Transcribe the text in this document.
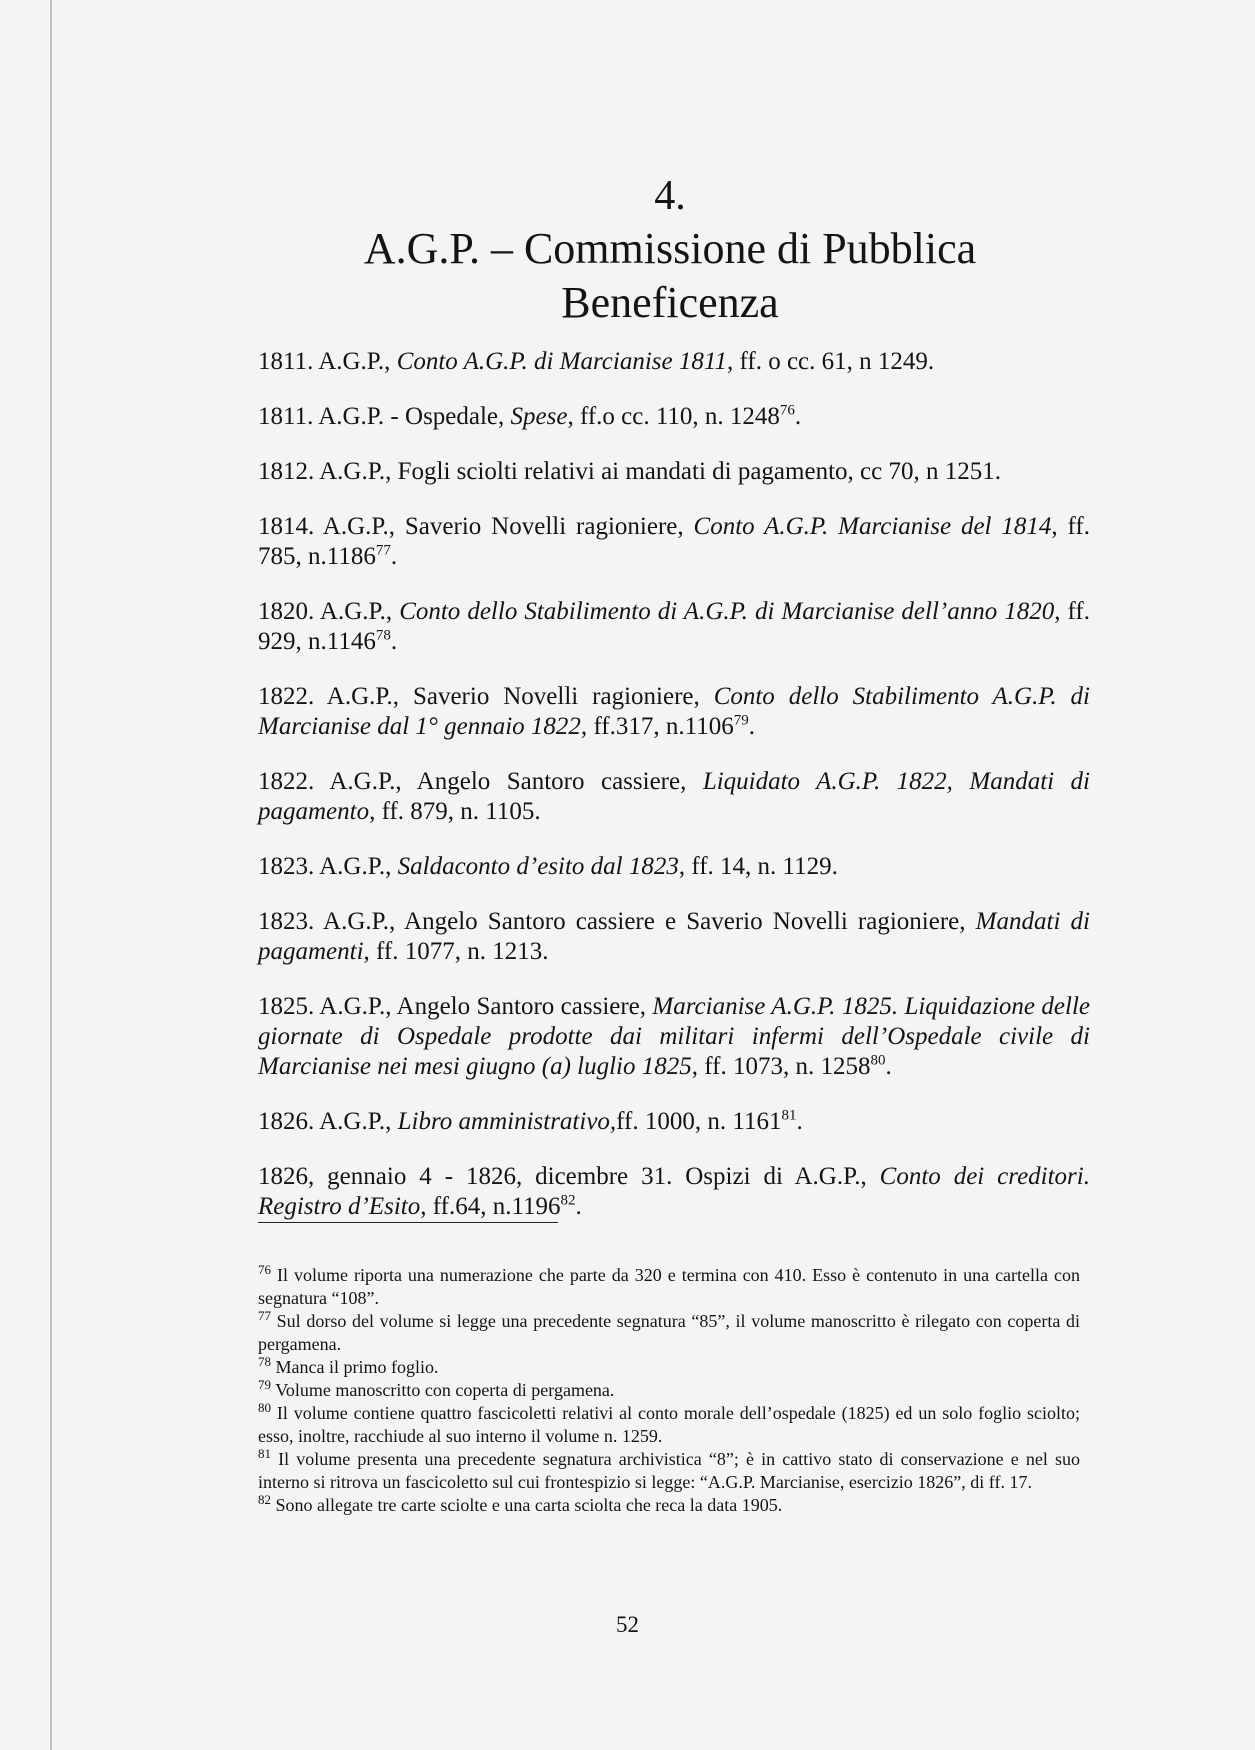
4.
A.G.P. – Commissione di Pubblica Beneficenza

1811. A.G.P., Conto A.G.P. di Marcianise 1811, ff. o cc. 61, n 1249.

1811. A.G.P. - Ospedale, Spese, ff.o cc. 110, n. 1248$^{76}$.

1812. A.G.P., Fogli sciolti relativi ai mandati di pagamento, cc 70, n 1251.

1814. A.G.P., Saverio Novelli ragioniere, Conto A.G.P. Marcianise del 1814, ff. 785, n.1186$^{77}$.

1820. A.G.P., Conto dello Stabilimento di A.G.P. di Marcianise dell’anno 1820, ff. 929, n.1146$^{78}$.

1822. A.G.P., Saverio Novelli ragioniere, Conto dello Stabilimento A.G.P. di Marcianise dal 1° gennaio 1822, ff.317, n.1106$^{79}$.

1822. A.G.P., Angelo Santoro cassiere, Liquidato A.G.P. 1822, Mandati di pagamento, ff. 879, n. 1105.

1823. A.G.P., Saldaconto d’esito dal 1823, ff. 14, n. 1129.

1823. A.G.P., Angelo Santoro cassiere e Saverio Novelli ragioniere, Mandati di pagamenti, ff. 1077, n. 1213.

1825. A.G.P., Angelo Santoro cassiere, Marcianise A.G.P. 1825. Liquidazione delle giornate di Ospedale prodotte dai militari infermi dell’Ospedale civile di Marcianise nei mesi giugno (a) luglio 1825, ff. 1073, n. 1258$^{80}$.

1826. A.G.P., Libro amministrativo,ff. 1000, n. 1161$^{81}$.

1826, gennaio 4 - 1826, dicembre 31. Ospizi di A.G.P., Conto dei creditori. Registro d’Esito, ff.64, n.1196$^{82}$.

$^{76}$ Il volume riporta una numerazione che parte da 320 e termina con 410. Esso è contenuto in una cartella con segnatura “108”.
$^{77}$ Sul dorso del volume si legge una precedente segnatura “85”, il volume manoscritto è rilegato con coperta di pergamena.
$^{78}$ Manca il primo foglio.
$^{79}$ Volume manoscritto con coperta di pergamena.
$^{80}$ Il volume contiene quattro fascicoletti relativi al conto morale dell’ospedale (1825) ed un solo foglio sciolto; esso, inoltre, racchiude al suo interno il volume n. 1259.
$^{81}$ Il volume presenta una precedente segnatura archivistica “8”; è in cattivo stato di conservazione e nel suo interno si ritrova un fascicoletto sul cui frontespizio si legge: “A.G.P. Marcianise, esercizio 1826”, di ff. 17.
$^{82}$ Sono allegate tre carte sciolte e una carta sciolta che reca la data 1905.
52
